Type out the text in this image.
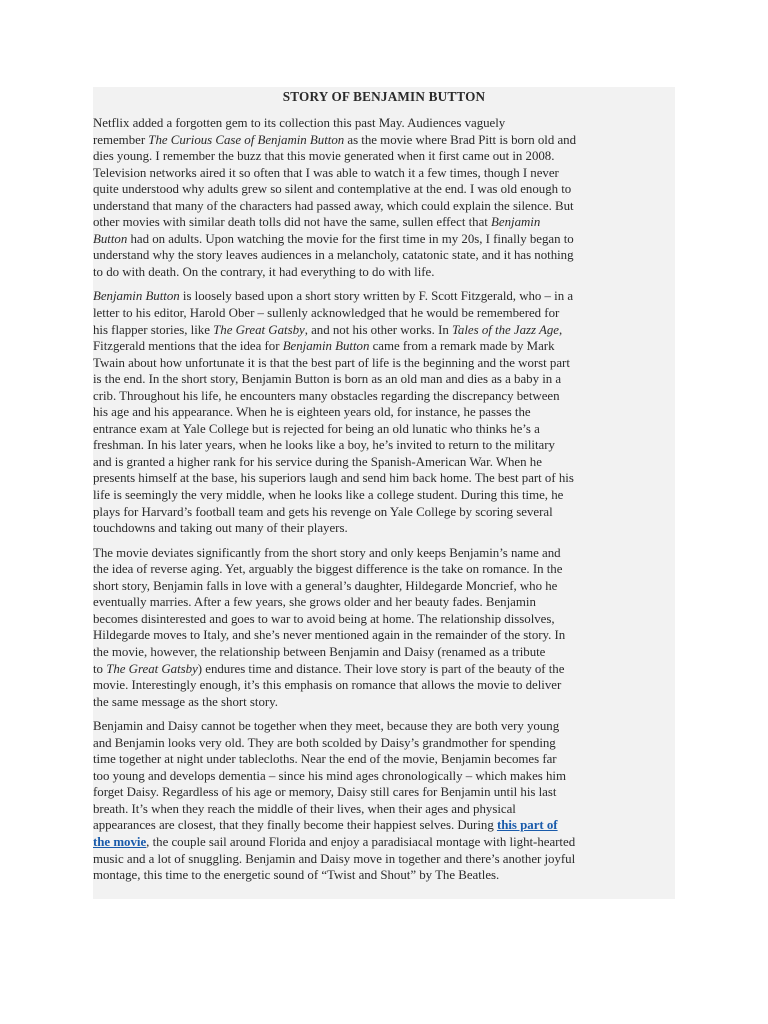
STORY OF BENJAMIN BUTTON
Netflix added a forgotten gem to its collection this past May. Audiences vaguely
remember The Curious Case of Benjamin Button as the movie where Brad Pitt is born old and
dies young. I remember the buzz that this movie generated when it first came out in 2008.
Television networks aired it so often that I was able to watch it a few times, though I never
quite understood why adults grew so silent and contemplative at the end. I was old enough to
understand that many of the characters had passed away, which could explain the silence. But
other movies with similar death tolls did not have the same, sullen effect that Benjamin
Button had on adults. Upon watching the movie for the first time in my 20s, I finally began to
understand why the story leaves audiences in a melancholy, catatonic state, and it has nothing
to do with death. On the contrary, it had everything to do with life.
Benjamin Button is loosely based upon a short story written by F. Scott Fitzgerald, who – in a
letter to his editor, Harold Ober – sullenly acknowledged that he would be remembered for
his flapper stories, like The Great Gatsby, and not his other works. In Tales of the Jazz Age,
Fitzgerald mentions that the idea for Benjamin Button came from a remark made by Mark
Twain about how unfortunate it is that the best part of life is the beginning and the worst part
is the end. In the short story, Benjamin Button is born as an old man and dies as a baby in a
crib. Throughout his life, he encounters many obstacles regarding the discrepancy between
his age and his appearance. When he is eighteen years old, for instance, he passes the
entrance exam at Yale College but is rejected for being an old lunatic who thinks he’s a
freshman. In his later years, when he looks like a boy, he’s invited to return to the military
and is granted a higher rank for his service during the Spanish-American War. When he
presents himself at the base, his superiors laugh and send him back home. The best part of his
life is seemingly the very middle, when he looks like a college student. During this time, he
plays for Harvard’s football team and gets his revenge on Yale College by scoring several
touchdowns and taking out many of their players.
The movie deviates significantly from the short story and only keeps Benjamin’s name and
the idea of reverse aging. Yet, arguably the biggest difference is the take on romance. In the
short story, Benjamin falls in love with a general’s daughter, Hildegarde Moncrief, who he
eventually marries. After a few years, she grows older and her beauty fades. Benjamin
becomes disinterested and goes to war to avoid being at home. The relationship dissolves,
Hildegarde moves to Italy, and she’s never mentioned again in the remainder of the story. In
the movie, however, the relationship between Benjamin and Daisy (renamed as a tribute
to The Great Gatsby) endures time and distance. Their love story is part of the beauty of the
movie. Interestingly enough, it’s this emphasis on romance that allows the movie to deliver
the same message as the short story.
Benjamin and Daisy cannot be together when they meet, because they are both very young
and Benjamin looks very old. They are both scolded by Daisy’s grandmother for spending
time together at night under tablecloths. Near the end of the movie, Benjamin becomes far
too young and develops dementia – since his mind ages chronologically – which makes him
forget Daisy. Regardless of his age or memory, Daisy still cares for Benjamin until his last
breath. It’s when they reach the middle of their lives, when their ages and physical
appearances are closest, that they finally become their happiest selves. During this part of
the movie, the couple sail around Florida and enjoy a paradisiacal montage with light-hearted
music and a lot of snuggling. Benjamin and Daisy move in together and there’s another joyful
montage, this time to the energetic sound of “Twist and Shout” by The Beatles.
